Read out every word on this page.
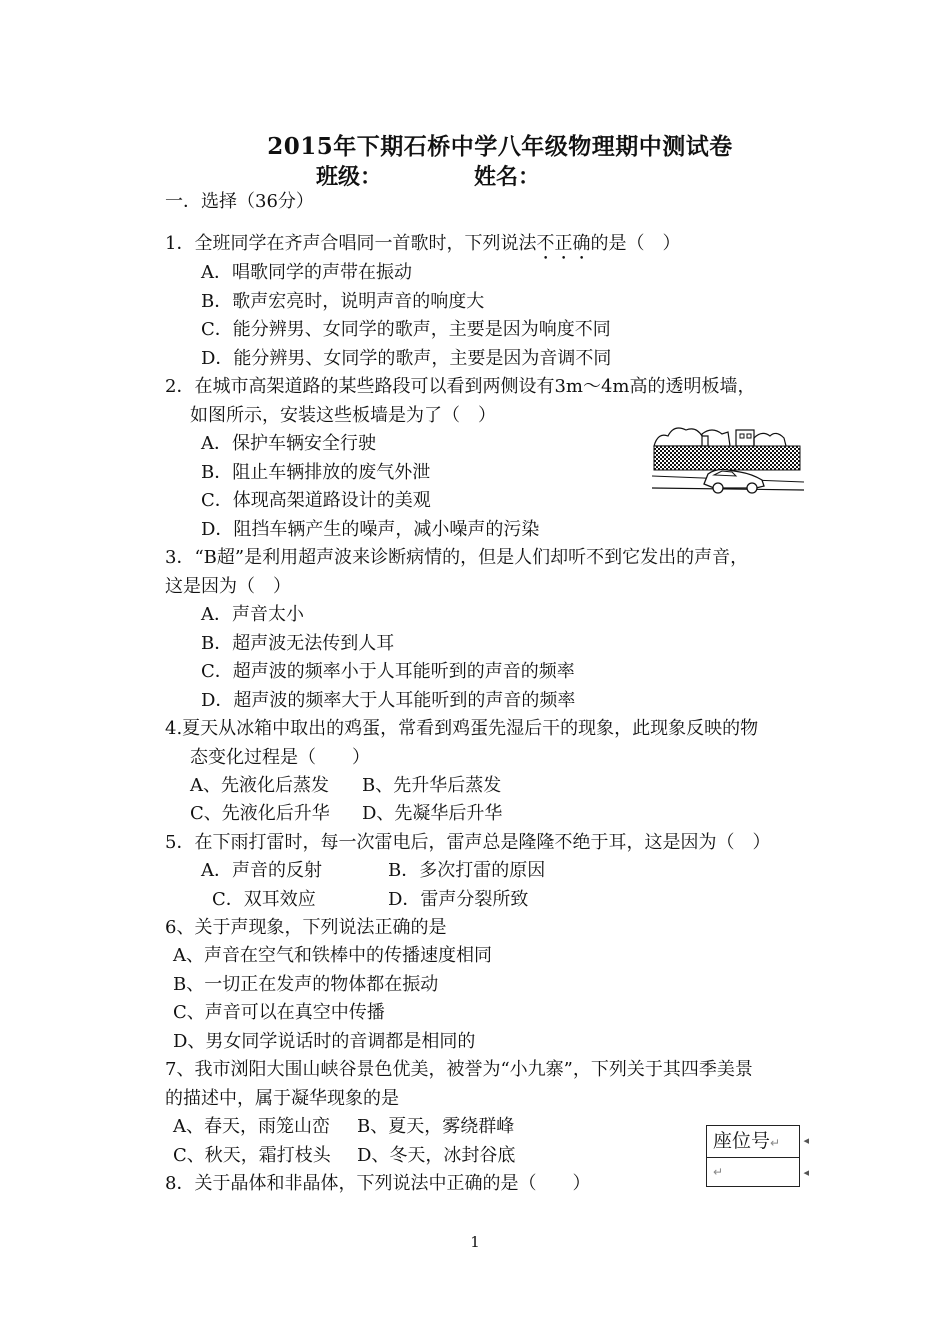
2015年下期石桥中学八年级物理期中测试卷
班级：	姓名：
一．选择（36分）
1．全班同学在齐声合唱同一首歌时，下列说法不正确的是（　）
A．唱歌同学的声带在振动
B．歌声宏亮时，说明声音的响度大
C．能分辨男、女同学的歌声，主要是因为响度不同
D．能分辨男、女同学的歌声，主要是因为音调不同
2．在城市高架道路的某些路段可以看到两侧设有3m～4m高的透明板墙，
如图所示，安装这些板墙是为了（　）
A．保护车辆安全行驶
B．阻止车辆排放的废气外泄
C．体现高架道路设计的美观
D．阻挡车辆产生的噪声，减小噪声的污染
3．“B超”是利用超声波来诊断病情的，但是人们却听不到它发出的声音，
这是因为（　）
A．声音太小
B．超声波无法传到人耳
C．超声波的频率小于人耳能听到的声音的频率
D．超声波的频率大于人耳能听到的声音的频率
4.夏天从冰箱中取出的鸡蛋，常看到鸡蛋先湿后干的现象，此现象反映的物
态变化过程是（　　）
A、先液化后蒸发 B、先升华后蒸发
C、先液化后升华 D、先凝华后升华
5．在下雨打雷时，每一次雷电后，雷声总是隆隆不绝于耳，这是因为（　）
A．声音的反射	B．多次打雷的原因
C．双耳效应	D．雷声分裂所致
6、关于声现象，下列说法正确的是
A、声音在空气和铁棒中的传播速度相同
B、一切正在发声的物体都在振动
C、声音可以在真空中传播
D、男女同学说话时的音调都是相同的
7、我市浏阳大围山峡谷景色优美，被誉为“小九寨”，下列关于其四季美景
的描述中，属于凝华现象的是
A、春天，雨笼山峦 B、夏天，雾绕群峰
C、秋天，霜打枝头 D、冬天，冰封谷底
8．关于晶体和非晶体，下列说法中正确的是（　　）
座位号↵
↵
◂
◂
1
